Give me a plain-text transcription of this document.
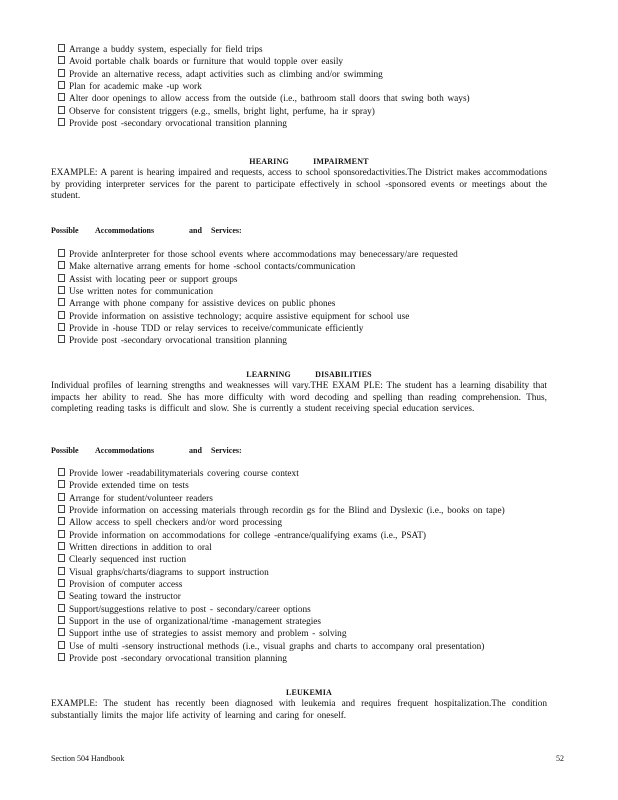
Arrange a buddy system, especially for field trips
Avoid portable chalk boards or furniture that would topple over easily
Provide an alternative recess, adapt activities such as climbing and/or swimming
Plan for academic make -up work
Alter door openings to allow access from the outside (i.e., bathroom stall doors that swing both ways)
Observe for consistent triggers (e.g., smells, bright light, perfume, ha ir spray)
Provide post -secondary orvocational transition planning
HEARING IMPAIRMENT

EXAMPLE: A parent is hearing impaired and requests, access to school sponsoredactivities.The District makes accommodations by providing interpreter services for the parent to participate effectively in school -sponsored events or meetings about the student.

Possible Accommodations	and Services:
Provide anInterpreter for those school events where accommodations may benecessary/are requested
Make alternative arrang ements for home -school contacts/communication
Assist with locating peer or support groups
Use written notes for communication
Arrange with phone company for assistive devices on public phones
Provide information on assistive technology; acquire assistive equipment for school use
Provide in -house TDD or relay services to receive/communicate efficiently
Provide post -secondary orvocational transition planning
LEARNING DISABILITIES

Individual profiles of learning strengths and weaknesses will vary.THE EXAM PLE: The student has a learning disability that impacts her ability to read. She has more difficulty with word decoding and spelling than reading comprehension. Thus, completing reading tasks is difficult and slow. She is currently a student receiving special education services.

Possible Accommodations	and Services:
Provide lower -readabilitymaterials covering course context
Provide extended time on tests
Arrange for student/volunteer readers
Provide information on accessing materials through recordin gs for the Blind and Dyslexic (i.e., books on tape)
Allow access to spell checkers and/or word processing
Provide information on accommodations for college -entrance/qualifying exams (i.e., PSAT)
Written directions in addition to oral
Clearly sequenced inst ruction
Visual graphs/charts/diagrams to support instruction
Provision of computer access
Seating toward the instructor
Support/suggestions relative to post - secondary/career options
Support in the use of organizational/time -management strategies
Support inthe use of strategies to assist memory and problem - solving
Use of multi -sensory instructional methods (i.e., visual graphs and charts to accompany oral presentation)
Provide post -secondary orvocational transition planning
LEUKEMIA

EXAMPLE: The student has recently been diagnosed with leukemia and requires frequent hospitalization.The condition substantially limits the major life activity of learning and caring for oneself.

Section 504 Handbook	52
